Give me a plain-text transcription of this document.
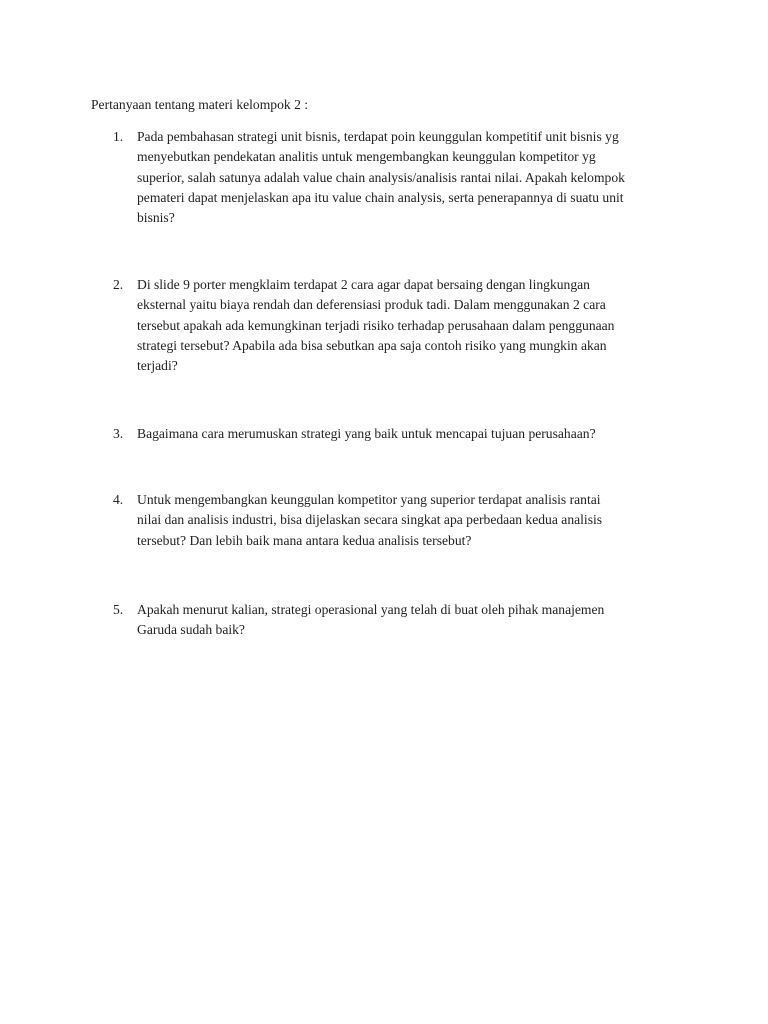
Pertanyaan tentang materi kelompok 2 :
1. Pada pembahasan strategi unit bisnis, terdapat poin keunggulan kompetitif unit bisnis yg
menyebutkan pendekatan analitis untuk mengembangkan keunggulan kompetitor yg
superior, salah satunya adalah value chain analysis/analisis rantai nilai. Apakah kelompok
pemateri dapat menjelaskan apa itu value chain analysis, serta penerapannya di suatu unit
bisnis?
2. Di slide 9 porter mengklaim terdapat 2 cara agar dapat bersaing dengan lingkungan
eksternal yaitu biaya rendah dan deferensiasi produk tadi. Dalam menggunakan 2 cara
tersebut apakah ada kemungkinan terjadi risiko terhadap perusahaan dalam penggunaan
strategi tersebut? Apabila ada bisa sebutkan apa saja contoh risiko yang mungkin akan
terjadi?
3. Bagaimana cara merumuskan strategi yang baik untuk mencapai tujuan perusahaan?
4. Untuk mengembangkan keunggulan kompetitor yang superior terdapat analisis rantai
nilai dan analisis industri, bisa dijelaskan secara singkat apa perbedaan kedua analisis
tersebut? Dan lebih baik mana antara kedua analisis tersebut?
5. Apakah menurut kalian, strategi operasional yang telah di buat oleh pihak manajemen
Garuda sudah baik?
